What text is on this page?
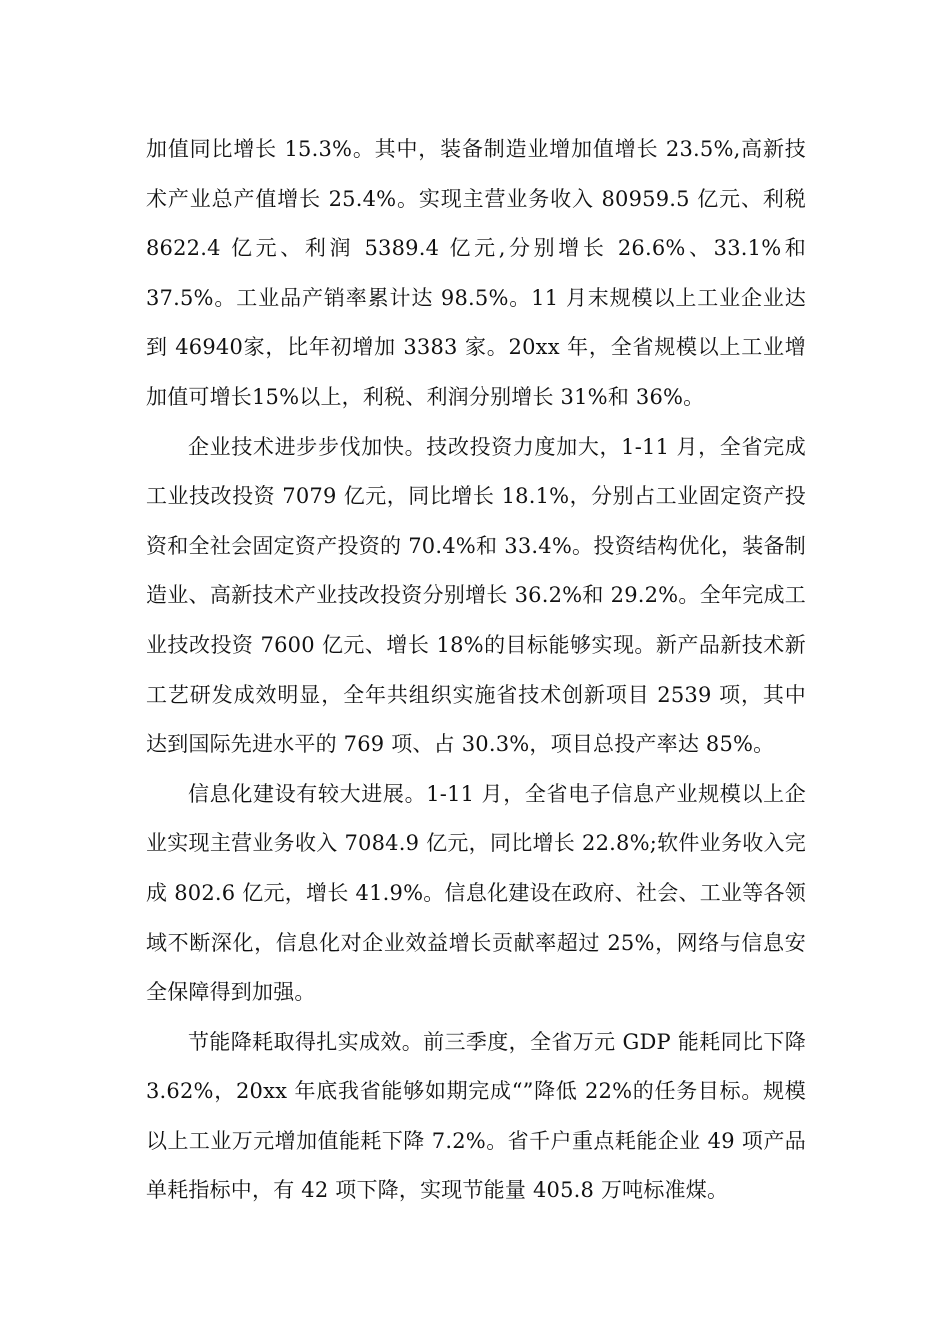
加值同比增长 15.3%。其中，装备制造业增加值增长 23.5%,高新技术产业总产值增长 25.4%。实现主营业务收入 80959.5 亿元、利税8622.4 亿元、利润 5389.4 亿元,分别增长 26.6%、33.1%和 37.5%。工业品产销率累计达 98.5%。11 月末规模以上工业企业达到 46940家，比年初增加 3383 家。20xx 年，全省规模以上工业增加值可增长15%以上，利税、利润分别增长 31%和 36%。

企业技术进步步伐加快。技改投资力度加大，1-11 月，全省完成工业技改投资 7079 亿元，同比增长 18.1%，分别占工业固定资产投资和全社会固定资产投资的 70.4%和 33.4%。投资结构优化，装备制造业、高新技术产业技改投资分别增长 36.2%和 29.2%。全年完成工业技改投资 7600 亿元、增长 18%的目标能够实现。新产品新技术新工艺研发成效明显，全年共组织实施省技术创新项目 2539 项，其中达到国际先进水平的 769 项、占 30.3%，项目总投产率达 85%。

信息化建设有较大进展。1-11 月，全省电子信息产业规模以上企业实现主营业务收入 7084.9 亿元，同比增长 22.8%;软件业务收入完成 802.6 亿元，增长 41.9%。信息化建设在政府、社会、工业等各领域不断深化，信息化对企业效益增长贡献率超过 25%，网络与信息安全保障得到加强。

节能降耗取得扎实成效。前三季度，全省万元 GDP 能耗同比下降 3.62%，20xx 年底我省能够如期完成“”降低 22%的任务目标。规模以上工业万元增加值能耗下降 7.2%。省千户重点耗能企业 49 项产品单耗指标中，有 42 项下降，实现节能量 405.8 万吨标准煤。
